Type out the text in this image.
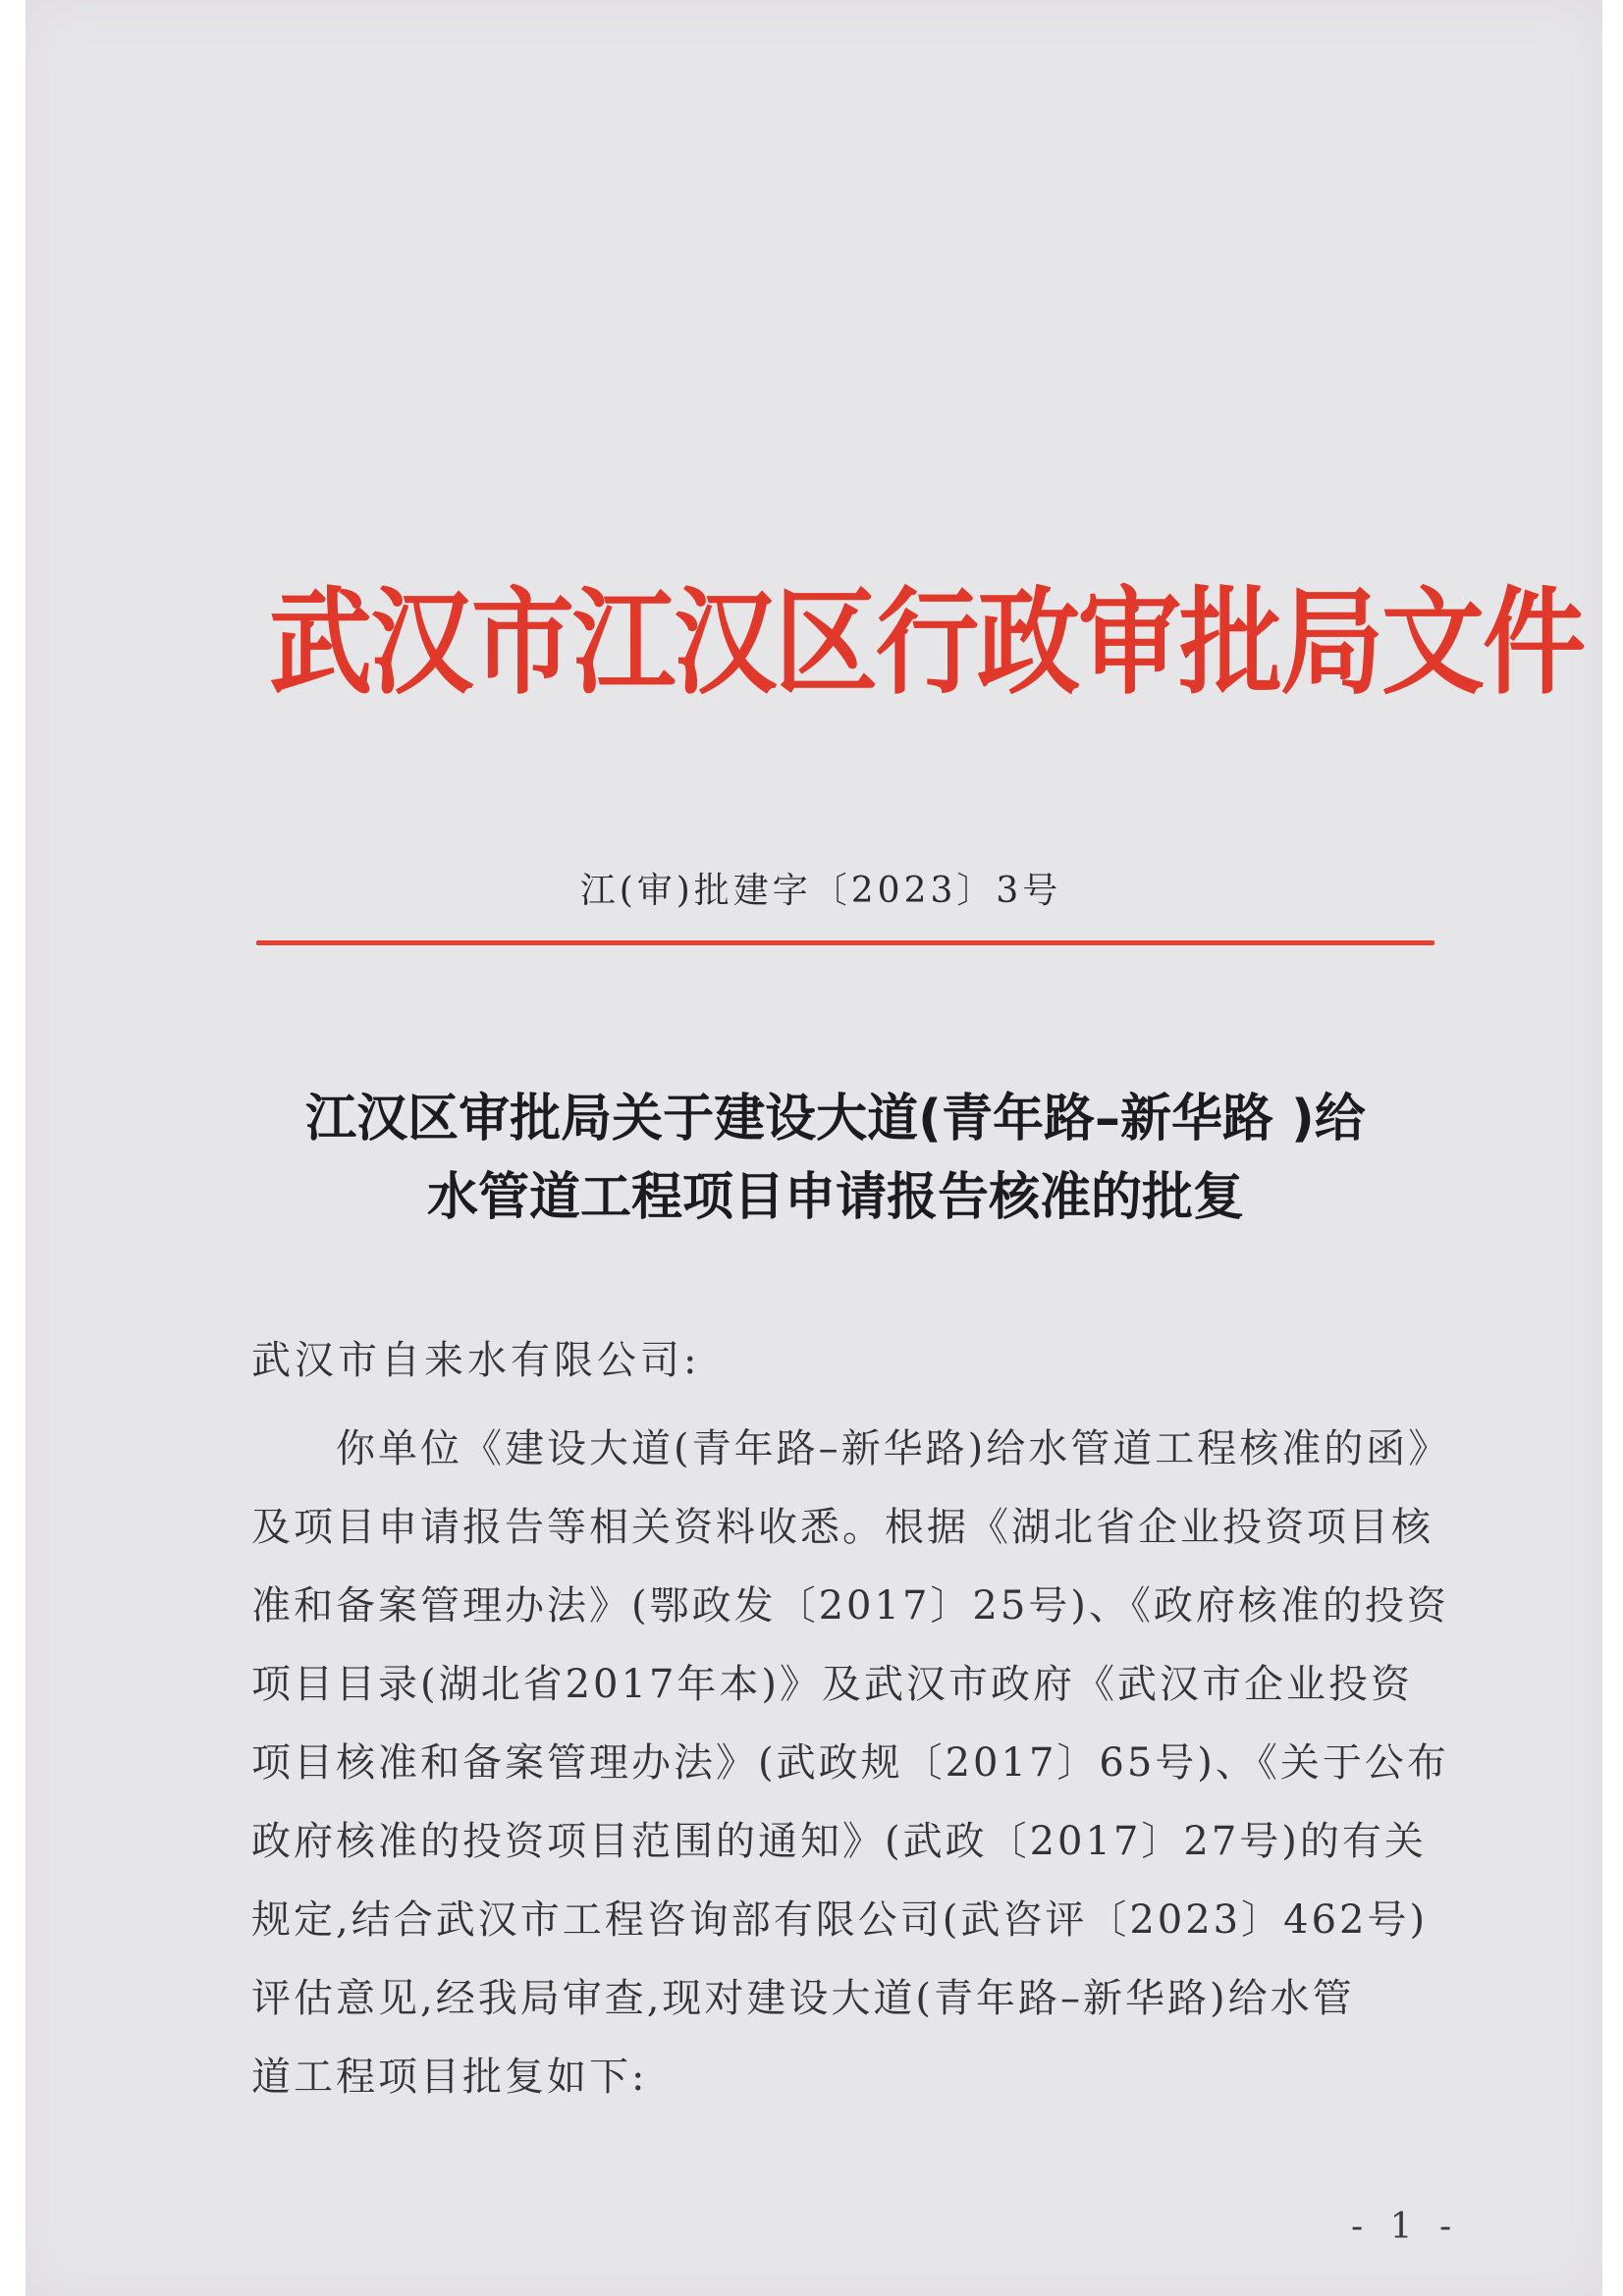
武汉市江汉区行政审批局文件
江(审)批建字〔2023〕3号
江汉区审批局关于建设大道(青年路–新华路 )给
水管道工程项目申请报告核准的批复
武汉市自来水有限公司:
　　你单位《建设大道(青年路–新华路)给水管道工程核准的函》
及项目申请报告等相关资料收悉。根据《湖北省企业投资项目核
准和备案管理办法》(鄂政发〔2017〕25号)、《政府核准的投资
项目目录(湖北省2017年本)》及武汉市政府《武汉市企业投资
项目核准和备案管理办法》(武政规〔2017〕65号)、《关于公布
政府核准的投资项目范围的通知》(武政〔2017〕27号)的有关
规定,结合武汉市工程咨询部有限公司(武咨评〔2023〕462号)
评估意见,经我局审查,现对建设大道(青年路–新华路)给水管
道工程项目批复如下:
- 1 -
